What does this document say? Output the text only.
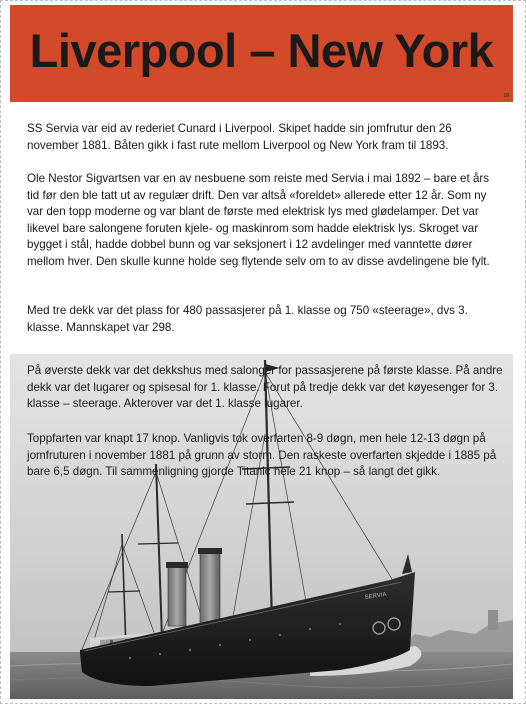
Liverpool – New York
19

SS Servia var eid av rederiet Cunard i Liverpool. Skipet hadde sin jomfrutur den 26 november 1881. Båten gikk i fast rute mellom Liverpool og New York fram til 1893.

Ole Nestor Sigvartsen var en av nesbuene som reiste med Servia i mai 1892 – bare et års tid før den ble tatt ut av regulær drift. Den var altså «foreldet» allerede etter 12 år. Som ny var den topp moderne og var blant de første med elektrisk lys med glødelamper. Det var likevel bare salongene foruten kjele- og maskinrom som hadde elektrisk lys. Skroget var bygget i stål, hadde dobbel bunn og var seksjonert i 12 avdelinger med vanntette dører mellom hver. Den skulle kunne holde seg flytende selv om to av disse avdelingene ble fylt.

Med tre dekk var det plass for 480 passasjerer på 1. klasse og 750 «steerage», dvs 3. klasse. Mannskapet var 298.

SERVIA

På øverste dekk var det dekkshus med salonger for passasjerene på første klasse. På andre dekk var det lugarer og spisesal for 1. klasse. Forut på tredje dekk var det køyesenger for 3. klasse – steerage. Akterover var det 1. klasse lugarer.

Toppfarten var knapt 17 knop. Vanligvis tok overfarten 8-9 døgn, men hele 12-13 døgn på jomfruturen i november 1881 på grunn av storm. Den raskeste overfarten skjedde i 1885 på bare 6,5 døgn. Til sammenligning gjorde Titanic hele 21 knop – så langt det gikk.
